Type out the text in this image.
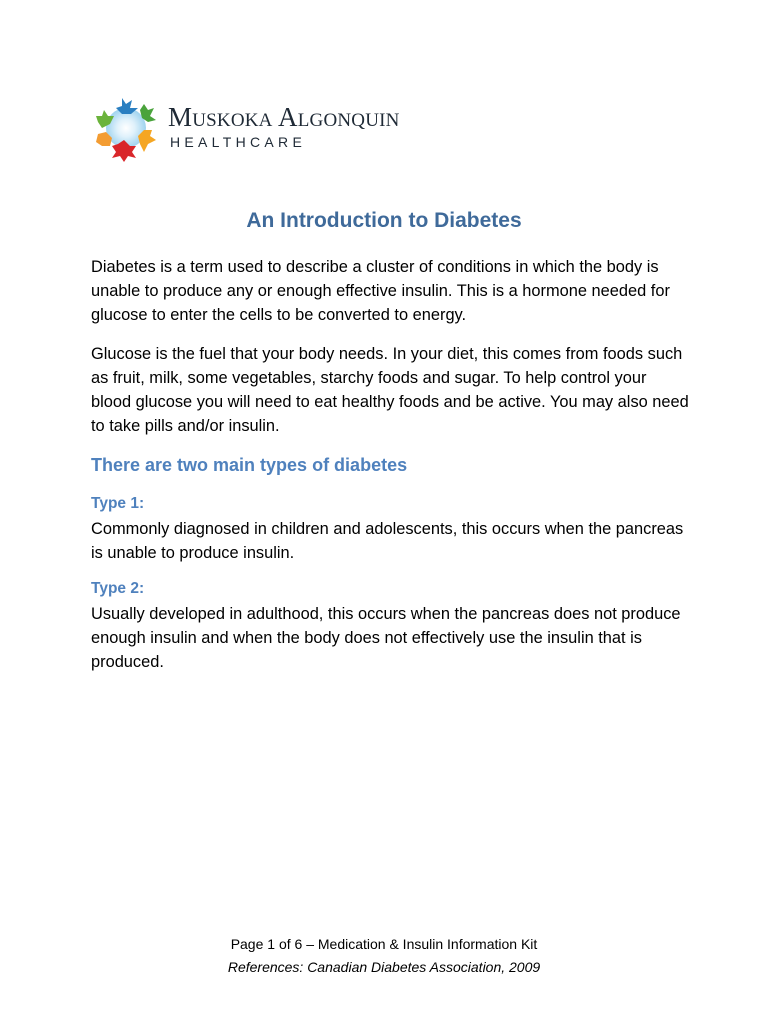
Muskoka Algonquin
HEALTHCARE
An Introduction to Diabetes

Diabetes is a term used to describe a cluster of conditions in which the body is unable to produce any or enough effective insulin. This is a hormone needed for glucose to enter the cells to be converted to energy.

Glucose is the fuel that your body needs. In your diet, this comes from foods such as fruit, milk, some vegetables, starchy foods and sugar. To help control your blood glucose you will need to eat healthy foods and be active. You may also need to take pills and/or insulin.

There are two main types of diabetes
Type 1:

Commonly diagnosed in children and adolescents, this occurs when the pancreas is unable to produce insulin.

Type 2:

Usually developed in adulthood, this occurs when the pancreas does not produce enough insulin and when the body does not effectively use the insulin that is produced.

Page 1 of 6 – Medication & Insulin Information Kit

References: Canadian Diabetes Association, 2009
